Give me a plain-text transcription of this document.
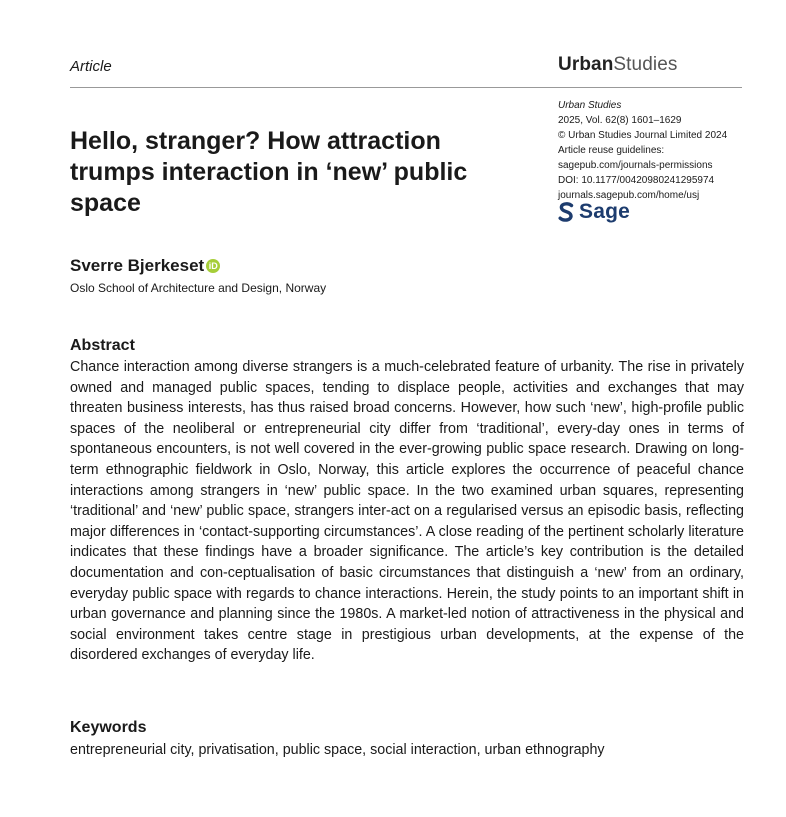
Article	UrbanStudies
Urban Studies
2025, Vol. 62(8) 1601–1629
© Urban Studies Journal Limited 2024
Article reuse guidelines:
sagepub.com/journals-permissions
DOI: 10.1177/00420980241295974
journals.sagepub.com/home/usj
Sage
Hello, stranger? How attraction trumps interaction in ‘new’ public space
Sverre Bjerkeset iD
Oslo School of Architecture and Design, Norway
Abstract

Chance interaction among diverse strangers is a much-celebrated feature of urbanity. The rise in privately owned and managed public spaces, tending to displace people, activities and exchanges that may threaten business interests, has thus raised broad concerns. However, how such ‘new’, high-profile public spaces of the neoliberal or entrepreneurial city differ from ‘traditional’, every-day ones in terms of spontaneous encounters, is not well covered in the ever-growing public space research. Drawing on long-term ethnographic fieldwork in Oslo, Norway, this article explores the occurrence of peaceful chance interactions among strangers in ‘new’ public space. In the two examined urban squares, representing ‘traditional’ and ‘new’ public space, strangers inter-act on a regularised versus an episodic basis, reflecting major differences in ‘contact-supporting circumstances’. A close reading of the pertinent scholarly literature indicates that these findings have a broader significance. The article’s key contribution is the detailed documentation and con-ceptualisation of basic circumstances that distinguish a ‘new’ from an ordinary, everyday public space with regards to chance interactions. Herein, the study points to an important shift in urban governance and planning since the 1980s. A market-led notion of attractiveness in the physical and social environment takes centre stage in prestigious urban developments, at the expense of the disordered exchanges of everyday life.

Keywords

entrepreneurial city, privatisation, public space, social interaction, urban ethnography
